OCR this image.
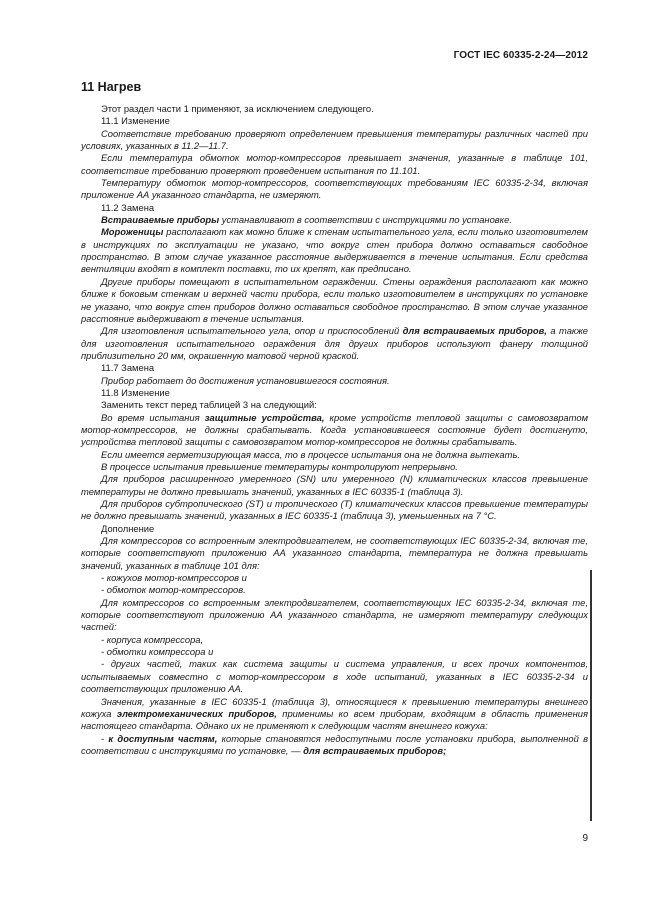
ГОСТ IEC 60335-2-24—2012
11 Нагрев

Этот раздел части 1 применяют, за исключением следующего.

11.1 Изменение

Соответствие требованию проверяют определением превышения температуры различных частей при условиях, указанных в 11.2—11.7.

Если температура обмоток мотор-компрессоров превышает значения, указанные в таблице 101, соответствие требованию проверяют проведением испытания по 11.101.

Температуру обмоток мотор-компрессоров, соответствующих требованиям IEC 60335-2-34, включая приложение АА указанного стандарта, не измеряют.

11.2 Замена

Встраиваемые приборы устанавливают в соответствии с инструкциями по установке.

Мороженицы располагают как можно ближе к стенам испытательного угла, если только изготовителем в инструкциях по эксплуатации не указано, что вокруг стен прибора должно оставаться свободное пространство. В этом случае указанное расстояние выдерживается в течение испытания. Если средства вентиляции входят в комплект поставки, то их крепят, как предписано.

Другие приборы помещают в испытательном ограждении. Стены ограждения располагают как можно ближе к боковым стенкам и верхней части прибора, если только изготовителем в инструкциях по установке не указано, что вокруг стен приборов должно оставаться свободное пространство. В этом случае указанное расстояние выдерживают в течение испытания.

Для изготовления испытательного угла, опор и приспособлений для встраиваемых приборов, а также для изготовления испытательного ограждения для других приборов используют фанеру толщиной приблизительно 20 мм, окрашенную матовой черной краской.

11.7 Замена

Прибор работает до достижения установившегося состояния.

11.8 Изменение

Заменить текст перед таблицей 3 на следующий:

Во время испытания защитные устройства, кроме устройств тепловой защиты с самовозвратом мотор-компрессоров, не должны срабатывать. Когда установившееся состояние будет достигнуто, устройства тепловой защиты с самовозвратом мотор-компрессоров не должны срабатывать.

Если имеется герметизирующая масса, то в процессе испытания она не должна вытекать.

В процессе испытания превышение температуры контролируют непрерывно.

Для приборов расширенного умеренного (SN) или умеренного (N) климатических классов превышение температуры не должно превышать значений, указанных в IEC 60335-1 (таблица 3).

Для приборов субтропического (ST) и тропического (T) климатических классов превышение температуры не должно превышать значений, указанных в IEC 60335-1 (таблица 3), уменьшенных на 7 °С.

Дополнение

Для компрессоров со встроенным электродвигателем, не соответствующих IEC 60335-2-34, включая те, которые соответствуют приложению АА указанного стандарта, температура не должна превышать значений, указанных в таблице 101 для:

- кожухов мотор-компрессоров и

- обмоток мотор-компрессоров.

Для компрессоров со встроенным электродвигателем, соответствующих IEC 60335-2-34, включая те, которые соответствуют приложению АА указанного стандарта, не измеряют температуру следующих частей:

- корпуса компрессора,

- обмотки компрессора и

- других частей, таких как система защиты и система управления, и всех прочих компонентов, испытываемых совместно с мотор-компрессором в ходе испытаний, указанных в IEC 60335-2-34 и соответствующих приложению АА.

Значения, указанные в IEC 60335-1 (таблица 3), относящиеся к превышению температуры внешнего кожуха электромеханических приборов, применимы ко всем приборам, входящим в область применения настоящего стандарта. Однако их не применяют к следующим частям внешнего кожуха:

- к доступным частям, которые становятся недоступными после установки прибора, выполненной в соответствии с инструкциями по установке, — для встраиваемых приборов;

9
